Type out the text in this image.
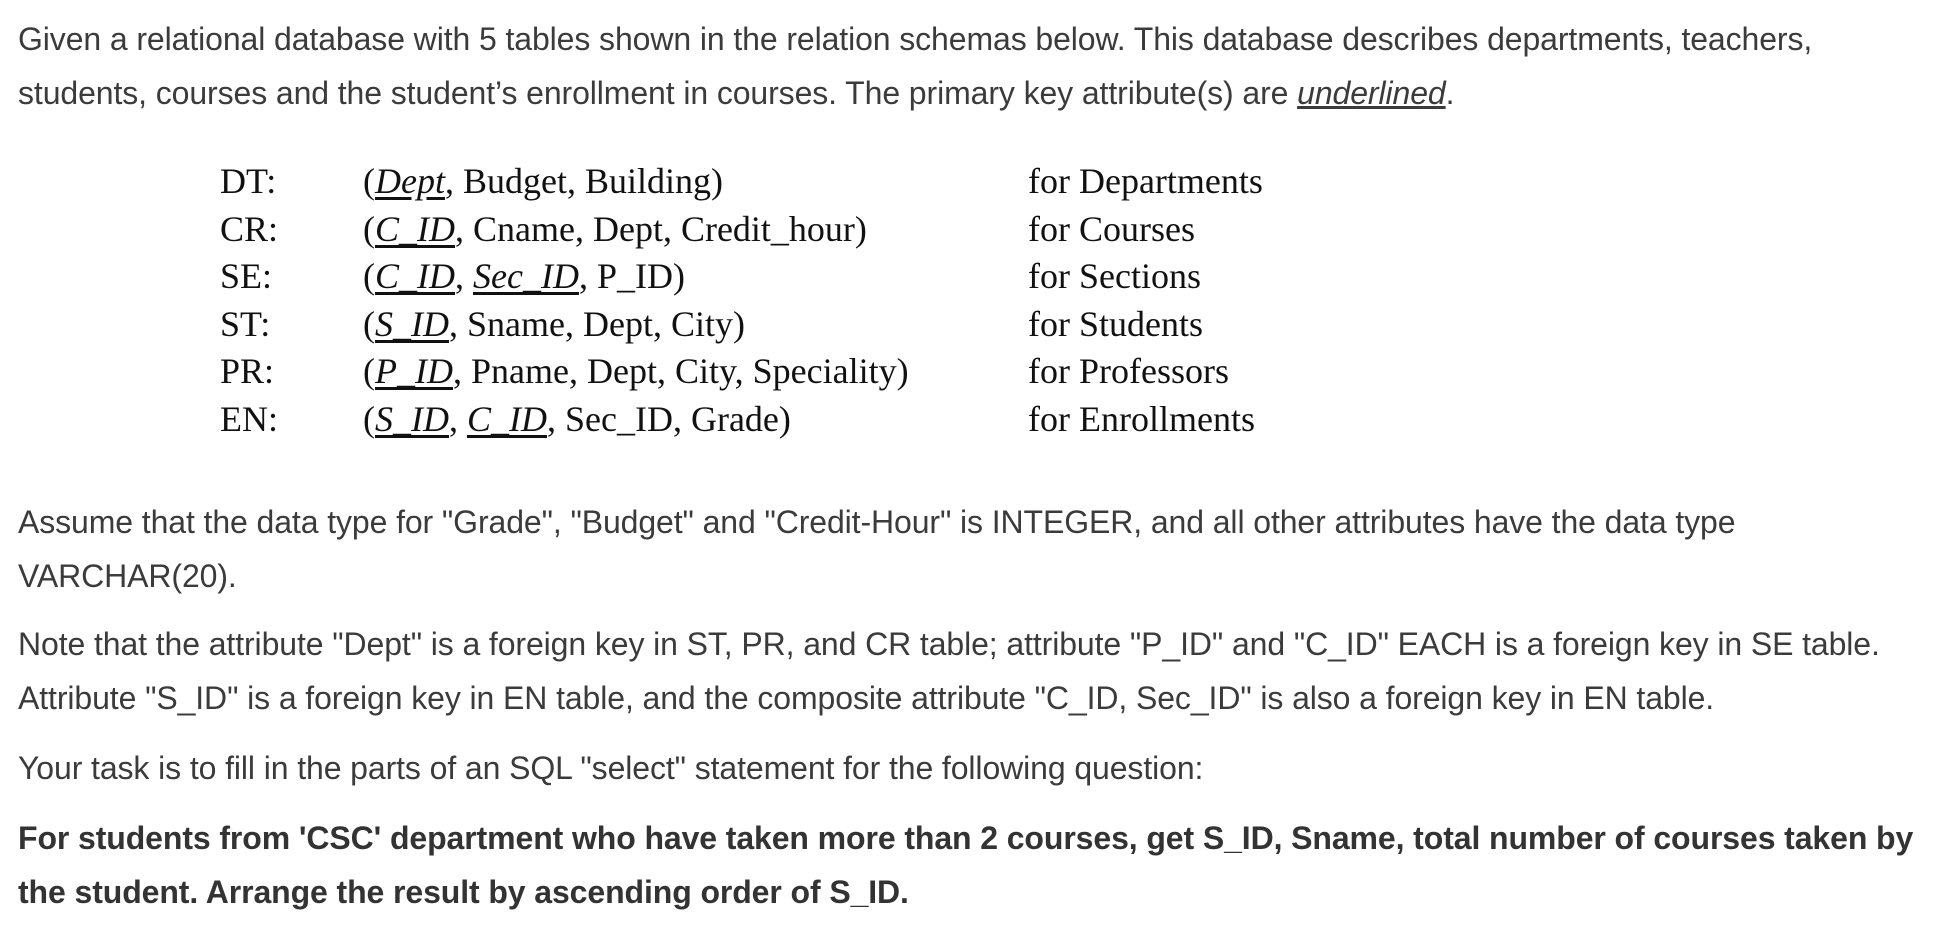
Given a relational database with 5 tables shown in the relation schemas below. This database describes departments, teachers, students, courses and the student’s enrollment in courses. The primary key attribute(s) are underlined.

DT: (Dept, Budget, Building)	for Departments
CR: (C_ID, Cname, Dept, Credit_hour)	for Courses
SE:	(C_ID, Sec_ID, P_ID)	for Sections
ST:	(S_ID, Sname, Dept, City)	for Students
PR: (P_ID, Pname, Dept, City, Speciality)	for Professors
EN: (S_ID, C_ID, Sec_ID, Grade)	for Enrollments

Assume that the data type for "Grade", "Budget" and "Credit-Hour" is INTEGER, and all other attributes have the data type VARCHAR(20).

Note that the attribute "Dept" is a foreign key in ST, PR, and CR table; attribute "P_ID" and "C_ID" EACH is a foreign key in SE table. Attribute "S_ID" is a foreign key in EN table, and the composite attribute "C_ID, Sec_ID" is also a foreign key in EN table.

Your task is to fill in the parts of an SQL "select" statement for the following question:

For students from 'CSC' department who have taken more than 2 courses, get S_ID, Sname, total number of courses taken by the student. Arrange the result by ascending order of S_ID.
